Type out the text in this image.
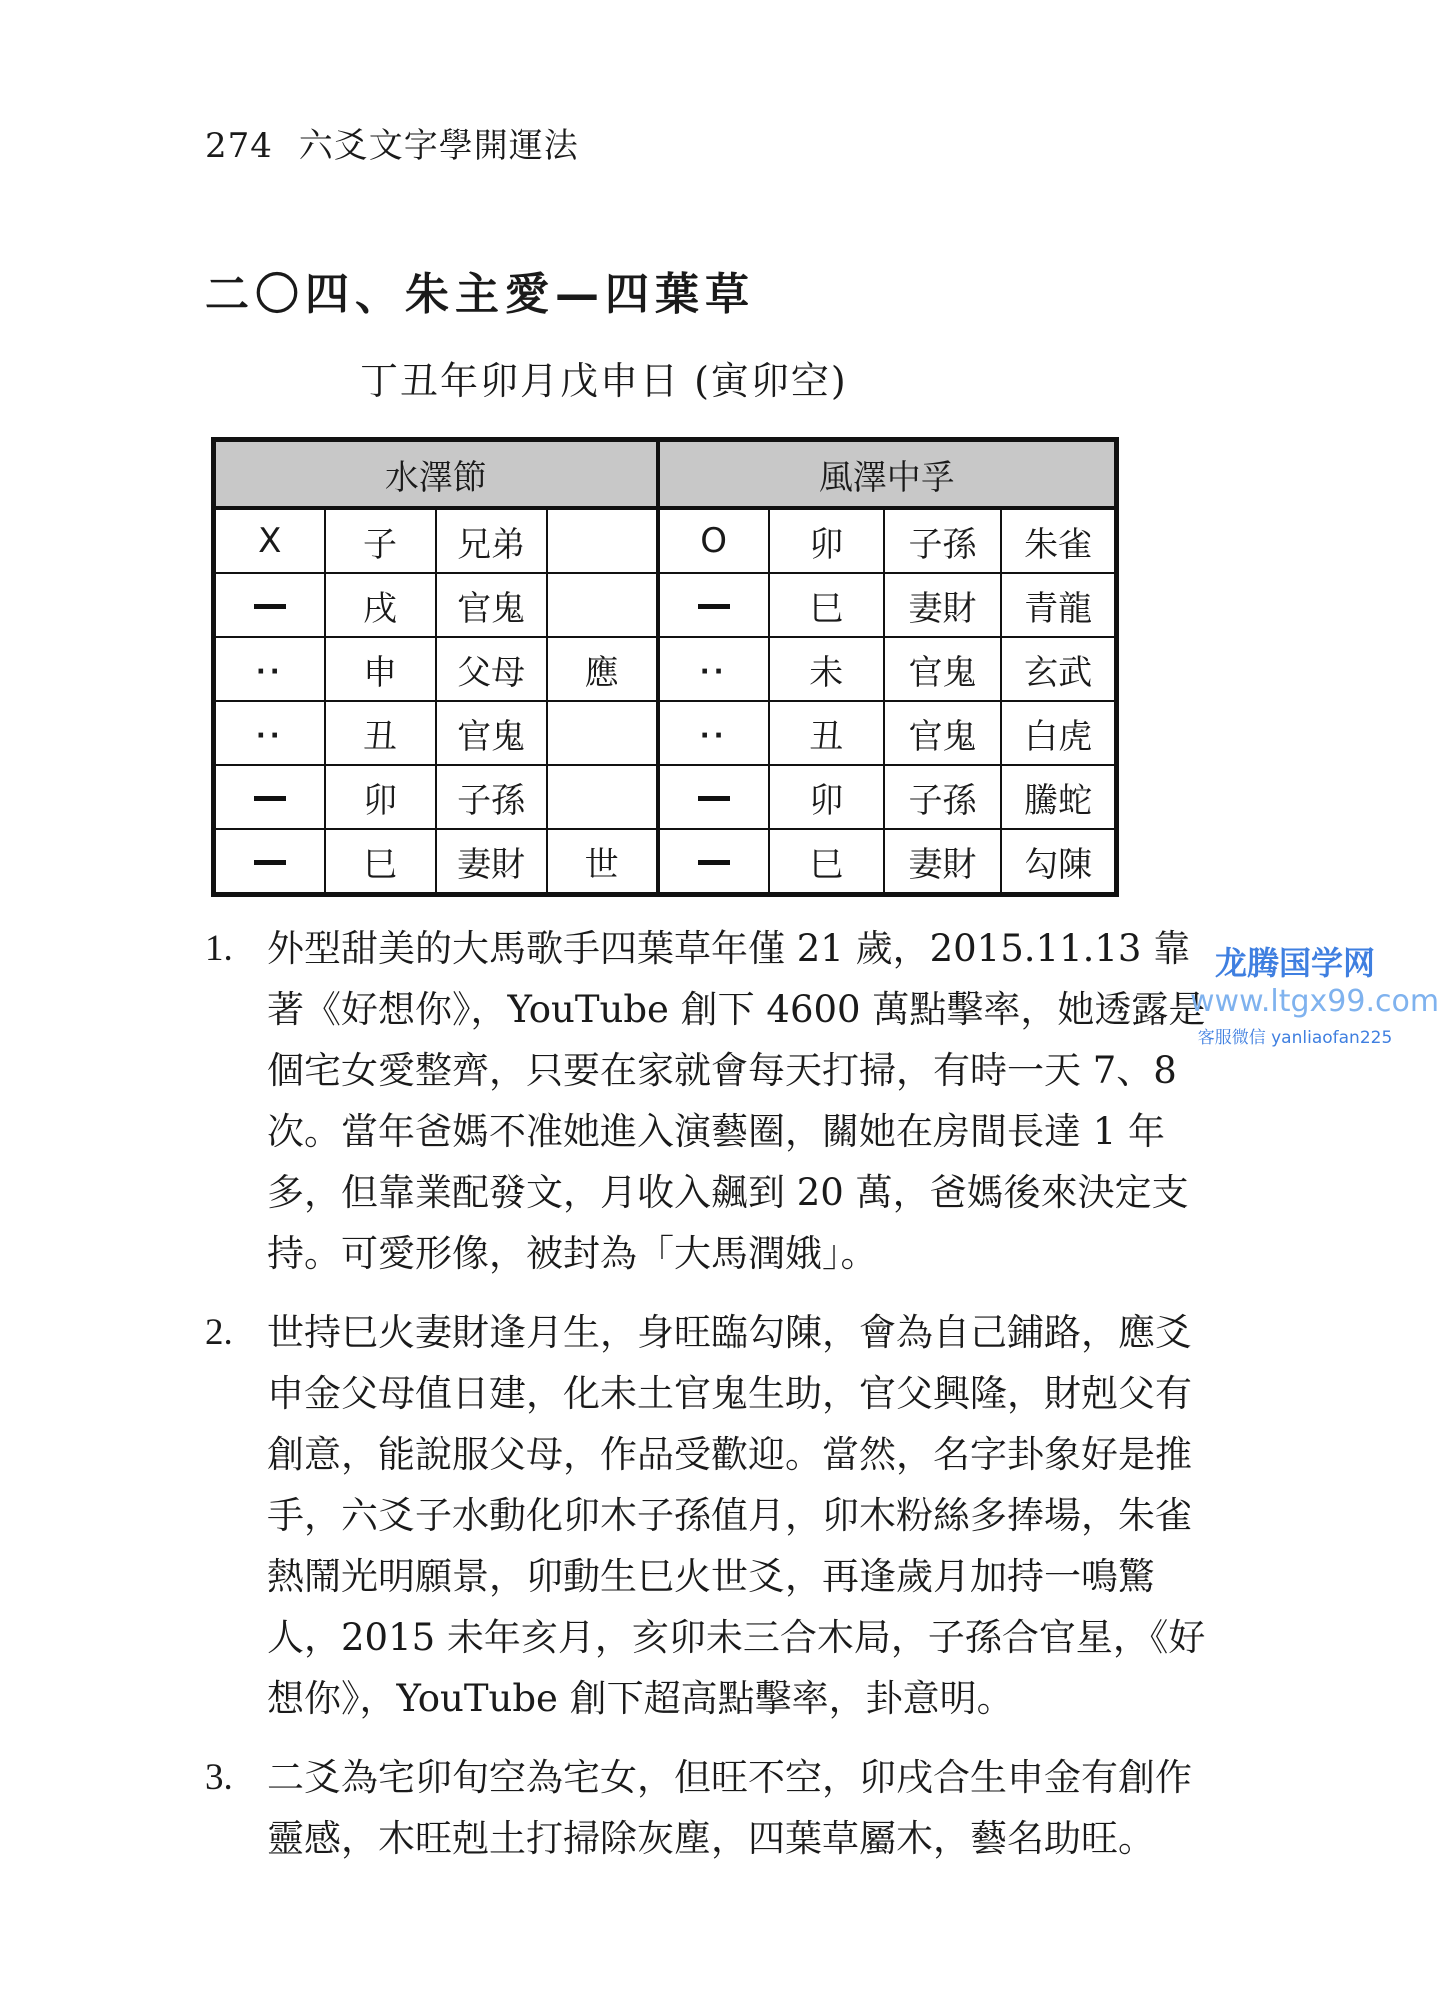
274 六爻文字學開運法
二〇四、朱主愛—四葉草
丁丑年卯月戊申日 (寅卯空)
水澤節				風澤中孚			
X	子	兄弟		O	卯	子孫	朱雀
	戌	官鬼			巳	妻財	青龍
··	申	父母	應	··	未	官鬼	玄武
··	丑	官鬼		··	丑	官鬼	白虎
	卯	子孫			卯	子孫	騰蛇
	巳	妻財	世		巳	妻財	勾陳
1. 外型甜美的大馬歌手四葉草年僅 21 歲，2015.11.13 靠著《好想你》，YouTube 創下 4600 萬點擊率，她透露是個宅女愛整齊，只要在家就會每天打掃，有時一天 7、8 次。當年爸媽不准她進入演藝圈，關她在房間長達 1 年多，但靠業配發文，月收入飆到 20 萬，爸媽後來決定支持。可愛形像，被封為「大馬潤娥」。
2. 世持巳火妻財逢月生，身旺臨勾陳，會為自己鋪路，應爻申金父母值日建，化未土官鬼生助，官父興隆，財剋父有創意，能說服父母，作品受歡迎。當然，名字卦象好是推手，六爻子水動化卯木子孫值月，卯木粉絲多捧場，朱雀熱鬧光明願景，卯動生巳火世爻，再逢歲月加持一鳴驚人，2015 未年亥月，亥卯未三合木局，子孫合官星，《好想你》，YouTube 創下超高點擊率，卦意明。
3. 二爻為宅卯旬空為宅女，但旺不空，卯戌合生申金有創作靈感，木旺剋土打掃除灰塵，四葉草屬木，藝名助旺。
龙腾国学网
www.ltgx99.com
客服微信 yanliaofan225
